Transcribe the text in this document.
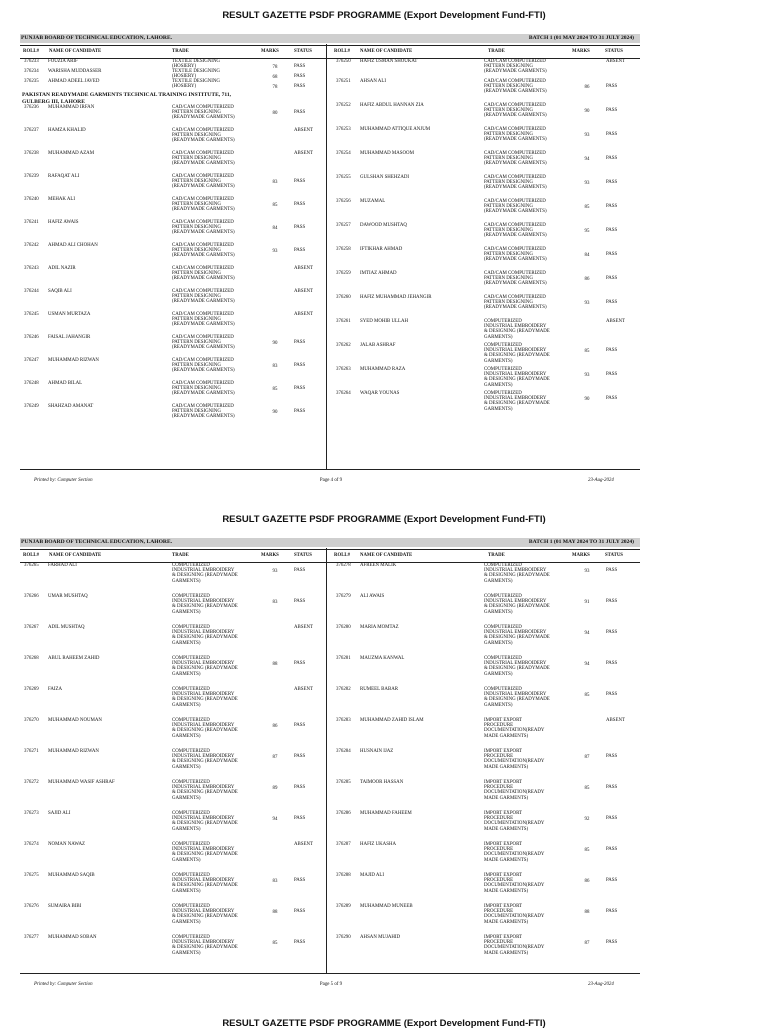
RESULT GAZETTE PSDF PROGRAMME (Export Development Fund-FTI)
PUNJAB BOARD OF TECHNICAL EDUCATION, LAHORE.	BATCH 1 (01 MAY 2024 TO 31 JULY 2024)
ROLL# NAME OF CANDIDATE	TRADE	MARKS	STATUS	ROLL# NAME OF CANDIDATE	TRADE	MARKS	STATUS
376233 FOUZIA ARIF	TEXTILE DESIGNING
(HOSIERY)	78	PASS
376234 WARISHA MUDDASSER	TEXTILE DESIGNING
(HOSIERY)	68	PASS
376235 AHMAD ADEEL JAVED	TEXTILE DESIGNING
(HOSIERY)	78	PASS
PAKISTAN READYMADE GARMENTS TECHNICAL TRAINING INSTITUTE, 711,
GULBERG III, LAHORE
376236 MUHAMMAD IRFAN	CAD/CAM COMPUTERIZED
PATTERN DESIGNING
(READYMADE GARMENTS)
80	PASS
376237 HAMZA KHALID	CAD/CAM COMPUTERIZED
PATTERN DESIGNING
(READYMADE GARMENTS)
ABSENT
376238 MUHAMMAD AZAM	CAD/CAM COMPUTERIZED
PATTERN DESIGNING
(READYMADE GARMENTS)
ABSENT
376239 RAFAQAT ALI	CAD/CAM COMPUTERIZED
PATTERN DESIGNING
(READYMADE GARMENTS)
83	PASS
376240 MEHAK ALI	CAD/CAM COMPUTERIZED
PATTERN DESIGNING
(READYMADE GARMENTS)
85	PASS
376241 HAFIZ AWAIS	CAD/CAM COMPUTERIZED
PATTERN DESIGNING
(READYMADE GARMENTS)
84	PASS
376242 AHMAD ALI CHOHAN	CAD/CAM COMPUTERIZED
PATTERN DESIGNING
(READYMADE GARMENTS)
93	PASS
376243 ADIL NAZIR	CAD/CAM COMPUTERIZED
PATTERN DESIGNING
(READYMADE GARMENTS)
ABSENT
376244 SAQIB ALI	CAD/CAM COMPUTERIZED
PATTERN DESIGNING
(READYMADE GARMENTS)
ABSENT
376245 USMAN MURTAZA	CAD/CAM COMPUTERIZED
PATTERN DESIGNING
(READYMADE GARMENTS)
ABSENT
376246 FAISAL JAHANGIR	CAD/CAM COMPUTERIZED
PATTERN DESIGNING
(READYMADE GARMENTS)
90	PASS
376247 MUHAMMAD RIZWAN	CAD/CAM COMPUTERIZED
PATTERN DESIGNING
(READYMADE GARMENTS)
83	PASS
376248 AHMAD BILAL	CAD/CAM COMPUTERIZED
PATTERN DESIGNING
(READYMADE GARMENTS)
85	PASS
376249 SHAHZAD AMANAT	CAD/CAM COMPUTERIZED
PATTERN DESIGNING
(READYMADE GARMENTS)
90	PASS
376250 HAFIZ USMAN SHOUKAT	CAD/CAM COMPUTERIZED
PATTERN DESIGNING
(READYMADE GARMENTS)
ABSENT
376251 AHSAN ALI	CAD/CAM COMPUTERIZED
PATTERN DESIGNING
(READYMADE GARMENTS)
86	PASS
376252 HAFIZ ABDUL HANNAN ZIA	CAD/CAM COMPUTERIZED
PATTERN DESIGNING
(READYMADE GARMENTS)
90	PASS
376253 MUHAMMAD ATTIQUE ANJUM	CAD/CAM COMPUTERIZED
PATTERN DESIGNING
(READYMADE GARMENTS)
93	PASS
376254 MUHAMMAD MASOOM	CAD/CAM COMPUTERIZED
PATTERN DESIGNING
(READYMADE GARMENTS)
94	PASS
376255 GULSHAN SHEHZADI	CAD/CAM COMPUTERIZED
PATTERN DESIGNING
(READYMADE GARMENTS)
93	PASS
376256 MUZAMAL	CAD/CAM COMPUTERIZED
PATTERN DESIGNING
(READYMADE GARMENTS)
85	PASS
376257 DAWOOD MUSHTAQ	CAD/CAM COMPUTERIZED
PATTERN DESIGNING
(READYMADE GARMENTS)
95	PASS
376258 IFTIKHAR AHMAD	CAD/CAM COMPUTERIZED
PATTERN DESIGNING
(READYMADE GARMENTS)
84	PASS
376259 IMTIAZ AHMAD	CAD/CAM COMPUTERIZED
PATTERN DESIGNING
(READYMADE GARMENTS)
86	PASS
376260 HAFIZ MUHAMMAD JEHANGIR	CAD/CAM COMPUTERIZED
PATTERN DESIGNING
(READYMADE GARMENTS)
93	PASS
376261 SYED MOHIB ULLAH	COMPUTERIZED
INDUSTRIAL EMBROIDERY
& DESIGNING (READYMADE
GARMENTS)
ABSENT
376262 JALAB ASHRAF	COMPUTERIZED
INDUSTRIAL EMBROIDERY
& DESIGNING (READYMADE
GARMENTS)
85	PASS
376263 MUHAMMAD RAZA	COMPUTERIZED
INDUSTRIAL EMBROIDERY
& DESIGNING (READYMADE
GARMENTS)
93	PASS
376264 WAQAR YOUNAS	COMPUTERIZED
INDUSTRIAL EMBROIDERY
& DESIGNING (READYMADE
GARMENTS)
90	PASS
Printed by: Computer Section	Page 4 of 9	23-Aug-2024
RESULT GAZETTE PSDF PROGRAMME (Export Development Fund-FTI)
PUNJAB BOARD OF TECHNICAL EDUCATION, LAHORE.	BATCH 1 (01 MAY 2024 TO 31 JULY 2024)
ROLL# NAME OF CANDIDATE	TRADE	MARKS	STATUS	ROLL# NAME OF CANDIDATE	TRADE	MARKS	STATUS
376265 FARHAD ALI	COMPUTERIZED
INDUSTRIAL EMBROIDERY
& DESIGNING (READYMADE
GARMENTS)
93	PASS
376266 UMAR MUSHTAQ	COMPUTERIZED
INDUSTRIAL EMBROIDERY
& DESIGNING (READYMADE
GARMENTS)
83	PASS
376267 ADIL MUSHTAQ	COMPUTERIZED
INDUSTRIAL EMBROIDERY
& DESIGNING (READYMADE
GARMENTS)
ABSENT
376268 ABUL RAHEEM ZAHID	COMPUTERIZED
INDUSTRIAL EMBROIDERY
& DESIGNING (READYMADE
GARMENTS)
88	PASS
376269 FAIZA	COMPUTERIZED
INDUSTRIAL EMBROIDERY
& DESIGNING (READYMADE
GARMENTS)
ABSENT
376270 MUHAMMAD NOUMAN	COMPUTERIZED
INDUSTRIAL EMBROIDERY
& DESIGNING (READYMADE
GARMENTS)
86	PASS
376271 MUHAMMAD RIZWAN	COMPUTERIZED
INDUSTRIAL EMBROIDERY
& DESIGNING (READYMADE
GARMENTS)
87	PASS
376272 MUHAMMAD WASIF ASHRAF	COMPUTERIZED
INDUSTRIAL EMBROIDERY
& DESIGNING (READYMADE
GARMENTS)
89	PASS
376273 SAJID ALI	COMPUTERIZED
INDUSTRIAL EMBROIDERY
& DESIGNING (READYMADE
GARMENTS)
94	PASS
376274 NOMAN NAWAZ	COMPUTERIZED
INDUSTRIAL EMBROIDERY
& DESIGNING (READYMADE
GARMENTS)
ABSENT
376275 MUHAMMAD SAQIB	COMPUTERIZED
INDUSTRIAL EMBROIDERY
& DESIGNING (READYMADE
GARMENTS)
83	PASS
376276 SUMAIRA BIBI	COMPUTERIZED
INDUSTRIAL EMBROIDERY
& DESIGNING (READYMADE
GARMENTS)
88	PASS
376277 MUHAMMAD SOBAN	COMPUTERIZED
INDUSTRIAL EMBROIDERY
& DESIGNING (READYMADE
GARMENTS)
85	PASS
376278 AFREEN MALIK	COMPUTERIZED
INDUSTRIAL EMBROIDERY
& DESIGNING (READYMADE
GARMENTS)
93	PASS
376279 ALI AWAIS	COMPUTERIZED
INDUSTRIAL EMBROIDERY
& DESIGNING (READYMADE
GARMENTS)
91	PASS
376280 MARIA MOMTAZ	COMPUTERIZED
INDUSTRIAL EMBROIDERY
& DESIGNING (READYMADE
GARMENTS)
94	PASS
376281 MAUZMA KANWAL	COMPUTERIZED
INDUSTRIAL EMBROIDERY
& DESIGNING (READYMADE
GARMENTS)
94	PASS
376282 RUMEEL BABAR	COMPUTERIZED
INDUSTRIAL EMBROIDERY
& DESIGNING (READYMADE
GARMENTS)
85	PASS
376283 MUHAMMAD ZAHID ISLAM	IMPORT EXPORT
PROCEDURE
DOCUMENTATION(READY
MADE GARMENTS)
ABSENT
376284 HUSNAIN IJAZ	IMPORT EXPORT
PROCEDURE
DOCUMENTATION(READY
MADE GARMENTS)
87	PASS
376285 TAIMOOR HASSAN	IMPORT EXPORT
PROCEDURE
DOCUMENTATION(READY
MADE GARMENTS)
85	PASS
376286 MUHAMMAD FAHEEM	IMPORT EXPORT
PROCEDURE
DOCUMENTATION(READY
MADE GARMENTS)
92	PASS
376287 HAFIZ UKASHA	IMPORT EXPORT
PROCEDURE
DOCUMENTATION(READY
MADE GARMENTS)
85	PASS
376288 MAJID ALI	IMPORT EXPORT
PROCEDURE
DOCUMENTATION(READY
MADE GARMENTS)
86	PASS
376289 MUHAMMAD MUNEEB	IMPORT EXPORT
PROCEDURE
DOCUMENTATION(READY
MADE GARMENTS)
88	PASS
376290 AHSAN MUJAHID	IMPORT EXPORT
PROCEDURE
DOCUMENTATION(READY
MADE GARMENTS)
87	PASS
Printed by: Computer Section	Page 5 of 9	23-Aug-2024
RESULT GAZETTE PSDF PROGRAMME (Export Development Fund-FTI)
